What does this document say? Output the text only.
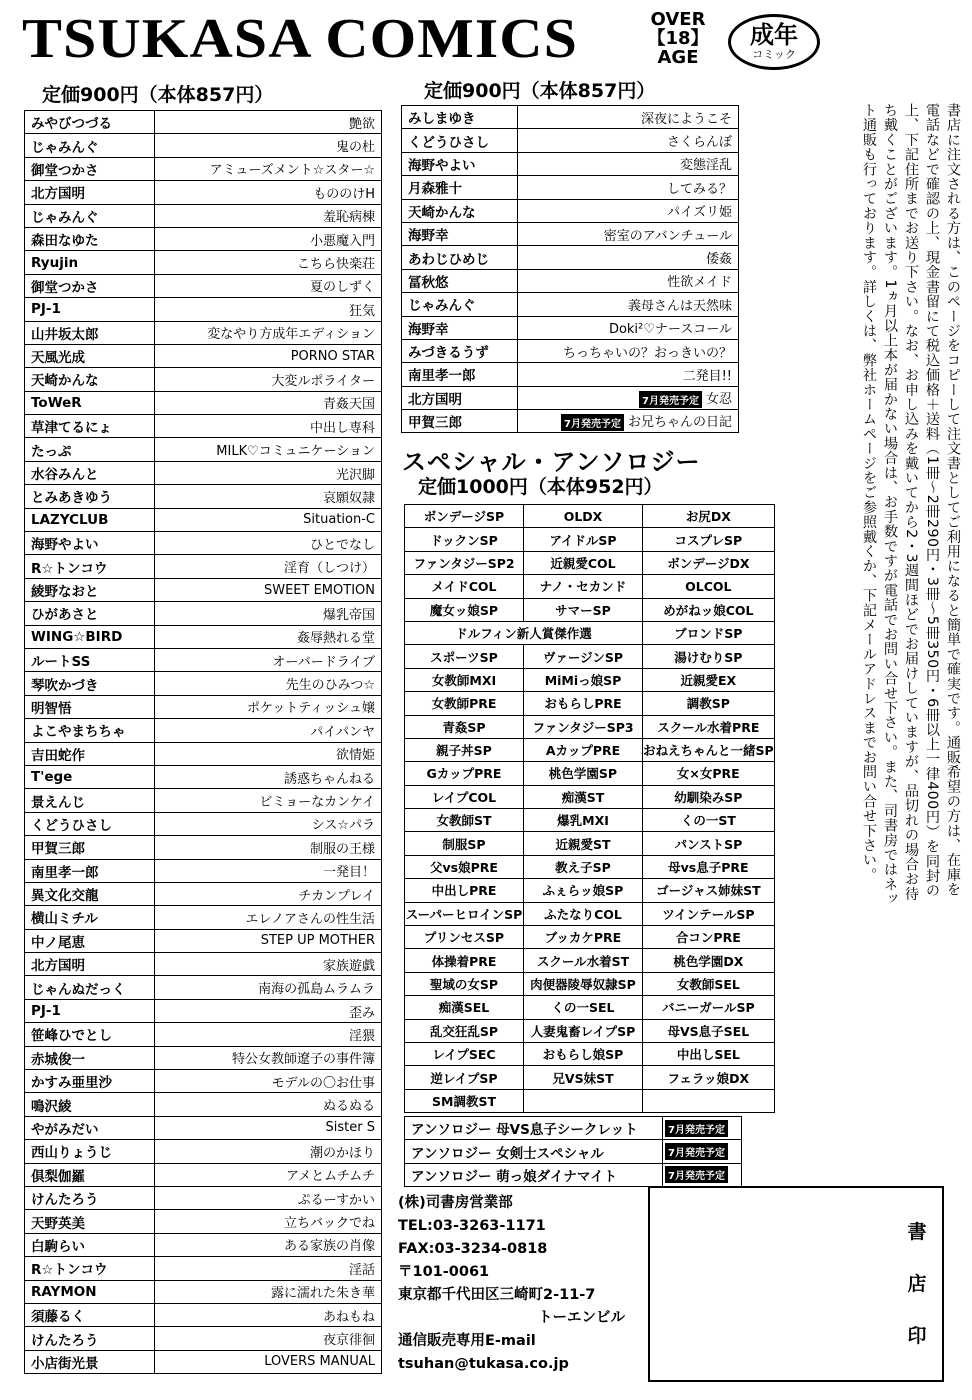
TSUKASA COMICS	OVER
【18】
AGE
成年
コミック
定価900円（本体857円）	定価900円（本体857円）
みやびつづる	艶欲
じゃみんぐ	鬼の杜
御堂つかさ	アミューズメント☆スター☆
北方国明	もののけH
じゃみんぐ	羞恥病棟
森田なゆた	小悪魔入門
Ryujin	こちら快楽荘
御堂つかさ	夏のしずく
PJ-1	狂気
山井坂太郎	変なやり方成年エディション
天風光成	PORNO STAR
天崎かんな	大変ルポライター
ToWeR	青姦天国
草津てるにょ	中出し専科
たっぷ	MILK♡コミュニケーション
水谷みんと	光沢脚
とみあきゆう	哀願奴隷
LAZYCLUB	Situation-C
海野やよい	ひとでなし
R☆トンコウ	淫育（しつけ）
綾野なおと	SWEET EMOTION
ひがあさと	爆乳帝国
WING☆BIRD	姦辱熱れる堂
ルートSS	オーバードライブ
琴吹かづき	先生のひみつ☆
明智悟	ポケットティッシュ嬢
よこやまちちゃ	パイパンヤ
吉田蛇作	欲情姫
T'ege	誘惑ちゃんねる
景えんじ	ビミョーなカンケイ
くどうひさし	シス☆パラ
甲賀三郎	制服の王様
南里孝一郎	一発目！
異文化交龍	チカンプレイ
横山ミチル	エレノアさんの性生活
中ノ尾恵	STEP UP MOTHER
北方国明	家族遊戯
じゃんぬだっく	南海の孤島ムラムラ
PJ-1	歪み
笹峰ひでとし	淫猥
赤城俊一	特公女教師遼子の事件簿
かすみ亜里沙	モデルの〇お仕事
鳴沢綾	ぬるぬる
やがみだい	Sister S
西山りょうじ	潮のかほり
倶梨伽羅	アメとムチムチ
けんたろう	ぷるーすかい
天野英美	立ちバックでね
白駒らい	ある家族の肖像
R☆トンコウ	淫話
RAYMON	露に濡れた朱き華
須藤るく	あねもね
けんたろう	夜京徘徊
小店街光景	LOVERS MANUAL
みしまゆき	深夜にようこそ
くどうひさし	さくらんぼ
海野やよい	変態淫乱
月森雅十	してみる？
天崎かんな	パイズリ姫
海野幸	密室のアバンチュール
あわじひめじ	倭姦
冨秋悠	性欲メイド
じゃみんぐ	義母さんは天然味
海野幸	Doki²♡ナースコール
みづきるうず	ちっちゃいの？おっきいの？
南里孝一郎	二発目!!
北方国明	7月発売予定 女忍
甲賀三郎	7月発売予定 お兄ちゃんの日記
スペシャル・アンソロジー
定価1000円（本体952円）
ボンデージSP	OLDX	お尻DX
ドックンSP	アイドルSP	コスプレSP
ファンタジーSP2	近親愛COL	ボンデージDX
メイドCOL	ナノ・セカンド	OLCOL
魔女ッ娘SP	サマーSP	めがねッ娘COL
ドルフィン新人賞傑作選		ブロンドSP
スポーツSP	ヴァージンSP	湯けむりSP
女教師MXI	MiMiっ娘SP	近親愛EX
女教師PRE	おもらしPRE	調教SP
青姦SP	ファンタジーSP3	スクール水着PRE
親子丼SP	AカップPRE	おねえちゃんと一緒SP
GカップPRE	桃色学園SP	女×女PRE
レイプCOL	痴漢ST	幼馴染みSP
女教師ST	爆乳MXI	くの一ST
制服SP	近親愛ST	パンストSP
父vs娘PRE	教え子SP	母vs息子PRE
中出しPRE	ふぇらッ娘SP	ゴージャス姉妹ST
スーパーヒロインSP	ふたなりCOL	ツインテールSP
プリンセスSP	ブッカケPRE	合コンPRE
体操着PRE	スクール水着ST	桃色学園DX
聖域の女SP	肉便器陵辱奴隷SP	女教師SEL
痴漢SEL	くの一SEL	バニーガールSP
乱交狂乱SP	人妻鬼畜レイプSP	母VS息子SEL
レイプSEC	おもらし娘SP	中出しSEL
逆レイプSP	兄VS妹ST	フェラッ娘DX
SM調教ST		
アンソロジー 母VS息子シークレット	7月発売予定
アンソロジー 女剣士スペシャル	7月発売予定
アンソロジー 萌っ娘ダイナマイト	7月発売予定
書店に注文される方は、このページをコピーして注文書としてご利用になると簡単で確実です。通販希望の方は、在庫を電話などで確認の上、現金書留にて税込価格＋送料（1冊〜2冊290円・3冊〜5冊350円・6冊以上一律400円）を同封の上、下記住所までお送り下さい。なお、お申し込みを戴いてから2・3週間ほどでお届けしていますが、品切れの場合お待ち戴くことがございます。1ヵ月以上本が届かない場合は、お手数ですが電話でお問い合せ下さい。また、司書房ではネット通販も行っております。詳しくは、弊社ホームページをご参照戴くか、下記メールアドレスまでお問い合せ下さい。
(株)司書房営業部
TEL:03-3263-1171
FAX:03-3234-0818
〒101-0061
東京都千代田区三崎町2-11-7
トーエンビル
通信販売専用E-mail
tsuhan@tukasa.co.jp
書
店
印
